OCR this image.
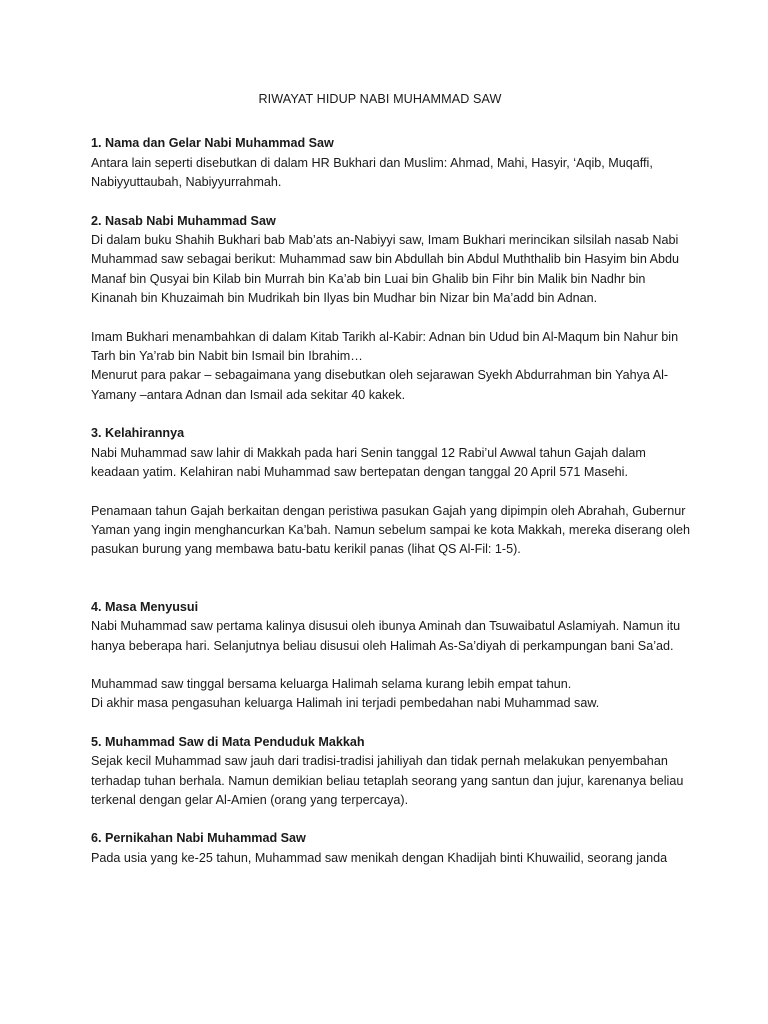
RIWAYAT HIDUP NABI MUHAMMAD SAW

1. Nama dan Gelar Nabi Muhammad Saw

Antara lain seperti disebutkan di dalam HR Bukhari dan Muslim: Ahmad, Mahi, Hasyir, ‘Aqib, Muqaffi, Nabiyyuttaubah, Nabiyyurrahmah.

2. Nasab Nabi Muhammad Saw

Di dalam buku Shahih Bukhari bab Mab’ats an-Nabiyyi saw, Imam Bukhari merincikan silsilah nasab Nabi Muhammad saw sebagai berikut: Muhammad saw bin Abdullah bin Abdul Muththalib bin Hasyim bin Abdu Manaf bin Qusyai bin Kilab bin Murrah bin Ka’ab bin Luai bin Ghalib bin Fihr bin Malik bin Nadhr bin Kinanah bin Khuzaimah bin Mudrikah bin Ilyas bin Mudhar bin Nizar bin Ma’add bin Adnan.

Imam Bukhari menambahkan di dalam Kitab Tarikh al-Kabir: Adnan bin Udud bin Al-Maqum bin Nahur bin Tarh bin Ya’rab bin Nabit bin Ismail bin Ibrahim…

Menurut para pakar – sebagaimana yang disebutkan oleh sejarawan Syekh Abdurrahman bin Yahya Al-Yamany –antara Adnan dan Ismail ada sekitar 40 kakek.

3. Kelahirannya

Nabi Muhammad saw lahir di Makkah pada hari Senin tanggal 12 Rabi’ul Awwal tahun Gajah dalam keadaan yatim. Kelahiran nabi Muhammad saw bertepatan dengan tanggal 20 April 571 Masehi.

Penamaan tahun Gajah berkaitan dengan peristiwa pasukan Gajah yang dipimpin oleh Abrahah, Gubernur Yaman yang ingin menghancurkan Ka’bah. Namun sebelum sampai ke kota Makkah, mereka diserang oleh pasukan burung yang membawa batu-batu kerikil panas (lihat QS Al-Fil: 1-5).

4. Masa Menyusui

Nabi Muhammad saw pertama kalinya disusui oleh ibunya Aminah dan Tsuwaibatul Aslamiyah. Namun itu hanya beberapa hari. Selanjutnya beliau disusui oleh Halimah As-Sa’diyah di perkampungan bani Sa’ad.

Muhammad saw tinggal bersama keluarga Halimah selama kurang lebih empat tahun.

Di akhir masa pengasuhan keluarga Halimah ini terjadi pembedahan nabi Muhammad saw.

5. Muhammad Saw di Mata Penduduk Makkah

Sejak kecil Muhammad saw jauh dari tradisi-tradisi jahiliyah dan tidak pernah melakukan penyembahan terhadap tuhan berhala. Namun demikian beliau tetaplah seorang yang santun dan jujur, karenanya beliau terkenal dengan gelar Al-Amien (orang yang terpercaya).

6. Pernikahan Nabi Muhammad Saw

Pada usia yang ke-25 tahun, Muhammad saw menikah dengan Khadijah binti Khuwailid, seorang janda
